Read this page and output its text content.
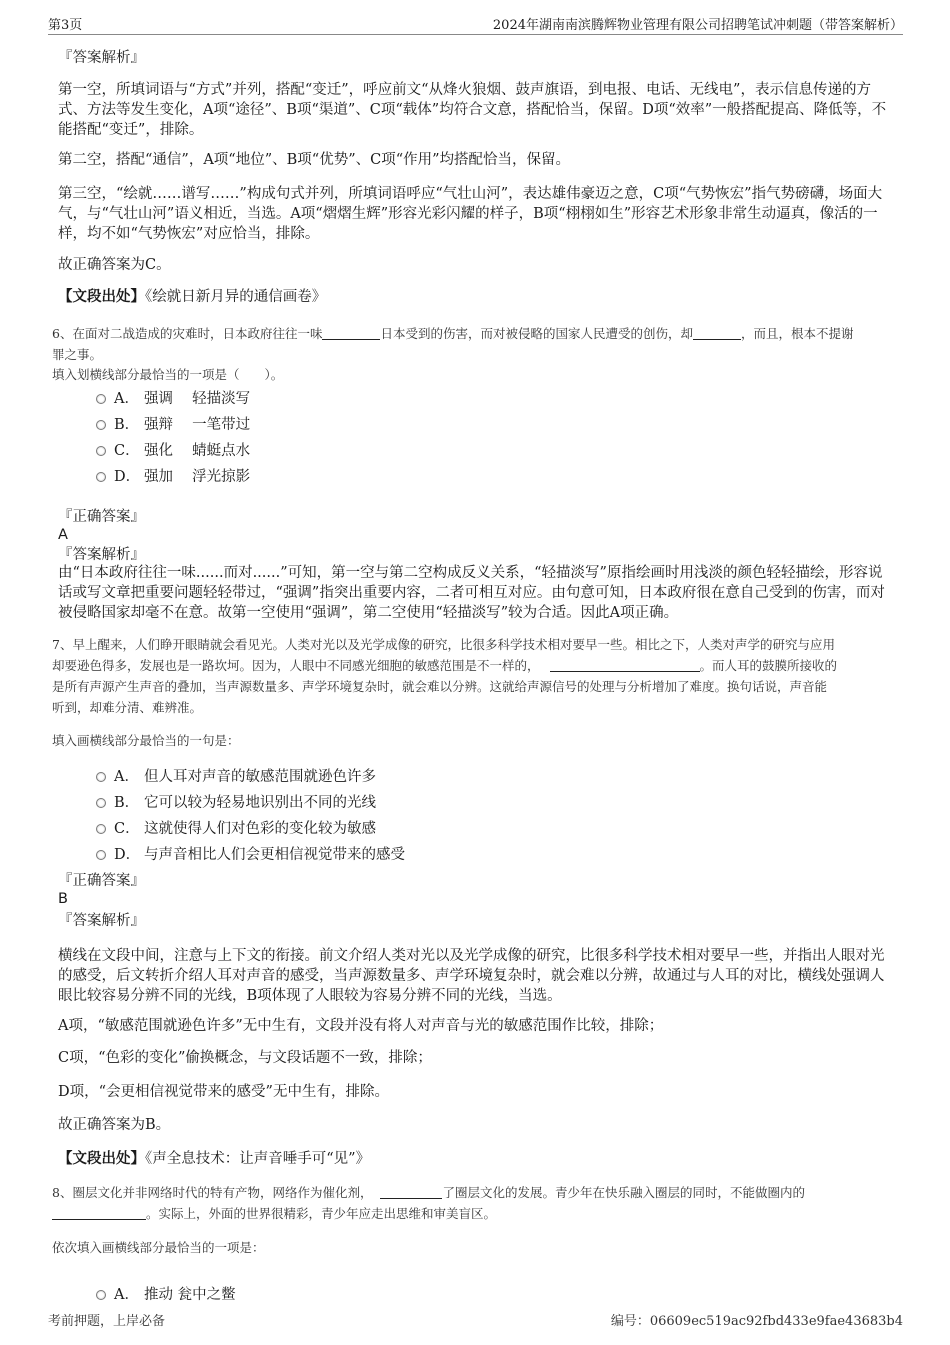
第3页	2024年湖南南滨腾辉物业管理有限公司招聘笔试冲刺题（带答案解析）
『答案解析』
第一空，所填词语与“方式”并列，搭配“变迁”，呼应前文“从烽火狼烟、鼓声旗语，到电报、电话、无线电”，表示信息传递的方式、方法等发生变化，A项“途径”、B项“渠道”、C项“载体”均符合文意，搭配恰当，保留。D项“效率”一般搭配提高、降低等，不能搭配“变迁”，排除。
第二空，搭配“通信”，A项“地位”、B项“优势”、C项“作用”均搭配恰当，保留。
第三空，“绘就……谱写……”构成句式并列，所填词语呼应“气壮山河”，表达雄伟豪迈之意，C项“气势恢宏”指气势磅礴，场面大气，与“气壮山河”语义相近，当选。A项“熠熠生辉”形容光彩闪耀的样子，B项“栩栩如生”形容艺术形象非常生动逼真，像活的一样，均不如“气势恢宏”对应恰当，排除。
故正确答案为C。
【文段出处】《绘就日新月异的通信画卷》
6、在面对二战造成的灾难时，日本政府往往一味	日本受到的伤害，而对被侵略的国家人民遭受的创伤，却	，而且，根本不提谢
罪之事。
填入划横线部分最恰当的一项是（　　）。
A． 强调　 轻描淡写
B． 强辩　 一笔带过
C． 强化　 蜻蜓点水
D． 强加　 浮光掠影
『正确答案』
A
『答案解析』
由“日本政府往往一味......而对......”可知，第一空与第二空构成反义关系，“轻描淡写”原指绘画时用浅淡的颜色轻轻描绘，形容说话或写文章把重要问题轻轻带过，“强调”指突出重要内容，二者可相互对应。由句意可知，日本政府很在意自己受到的伤害，而对被侵略国家却毫不在意。故第一空使用“强调”，第二空使用“轻描淡写”较为合适。因此A项正确。
7、早上醒来，人们睁开眼睛就会看见光。人类对光以及光学成像的研究，比很多科学技术相对要早一些。相比之下，人类对声学的研究与应用
却要逊色得多，发展也是一路坎坷。因为，人眼中不同感光细胞的敏感范围是不一样的，	。而人耳的鼓膜所接收的
是所有声源产生声音的叠加，当声源数量多、声学环境复杂时，就会难以分辨。这就给声源信号的处理与分析增加了难度。换句话说，声音能
听到，却难分清、难辨准。
填入画横线部分最恰当的一句是：
A． 但人耳对声音的敏感范围就逊色许多
B． 它可以较为轻易地识别出不同的光线
C． 这就使得人们对色彩的变化较为敏感
D． 与声音相比人们会更相信视觉带来的感受
『正确答案』
B
『答案解析』
横线在文段中间，注意与上下文的衔接。前文介绍人类对光以及光学成像的研究，比很多科学技术相对要早一些，并指出人眼对光的感受，后文转折介绍人耳对声音的感受，当声源数量多、声学环境复杂时，就会难以分辨，故通过与人耳的对比，横线处强调人眼比较容易分辨不同的光线，B项体现了人眼较为容易分辨不同的光线，当选。
A项，“敏感范围就逊色许多”无中生有，文段并没有将人对声音与光的敏感范围作比较，排除；
C项，“色彩的变化”偷换概念，与文段话题不一致，排除；
D项，“会更相信视觉带来的感受”无中生有，排除。
故正确答案为B。
【文段出处】《声全息技术：让声音唾手可“见”》
8、圈层文化并非网络时代的特有产物，网络作为催化剂，	了圈层文化的发展。青少年在快乐融入圈层的同时，不能做圈内的
。实际上，外面的世界很精彩，青少年应走出思维和审美盲区。
依次填入画横线部分最恰当的一项是：
A． 推动 瓮中之鳖
考前押题，上岸必备	编号：06609ec519ac92fbd433e9fae43683b4
